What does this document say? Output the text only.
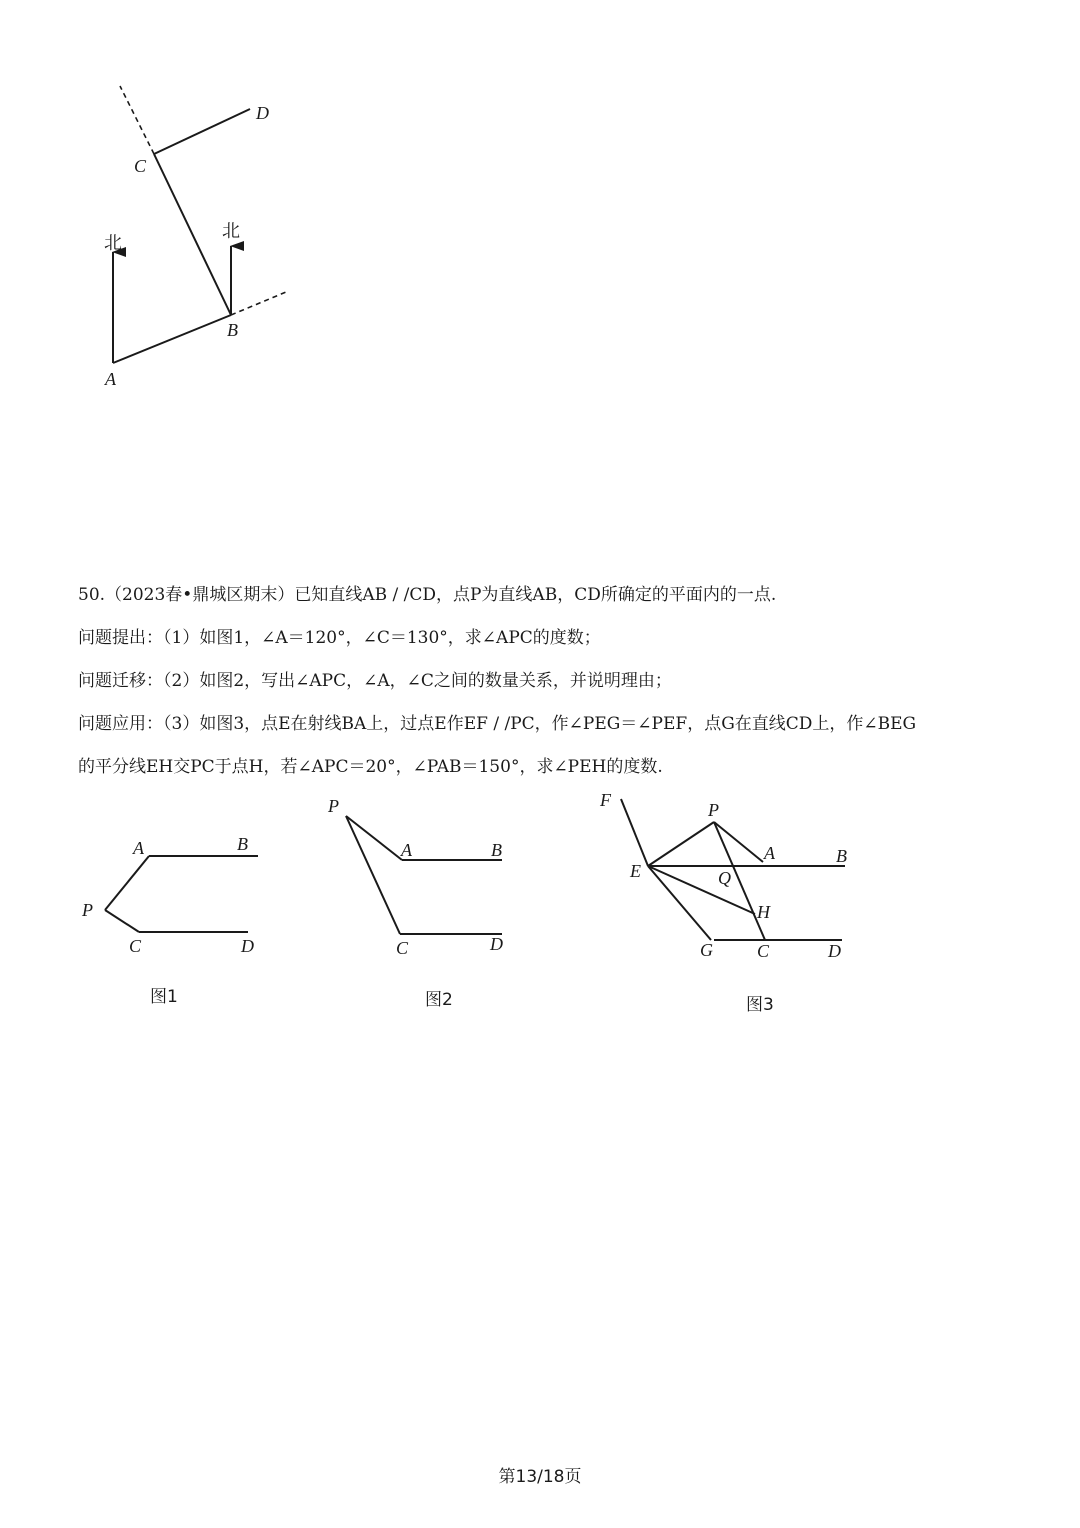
北
北
A
B
C
D
50.（2023春•鼎城区期末）已知直线AB / /CD，点P为直线AB，CD所确定的平面内的一点.
问题提出：（1）如图1，∠A＝120°，∠C＝130°，求∠APC的度数；
问题迁移：（2）如图2，写出∠APC，∠A，∠C之间的数量关系，并说明理由；
问题应用：（3）如图3，点E在射线BA上，过点E作EF / /PC，作∠PEG＝∠PEF，点G在直线CD上，作∠BEG
的平分线EH交PC于点H，若∠APC＝20°，∠PAB＝150°，求∠PEH的度数.
A	B
P
C	D
图1
P
A	B
C	D
图2
F	P
A	B
E	Q
H
G C	D
图3
第13/18页
